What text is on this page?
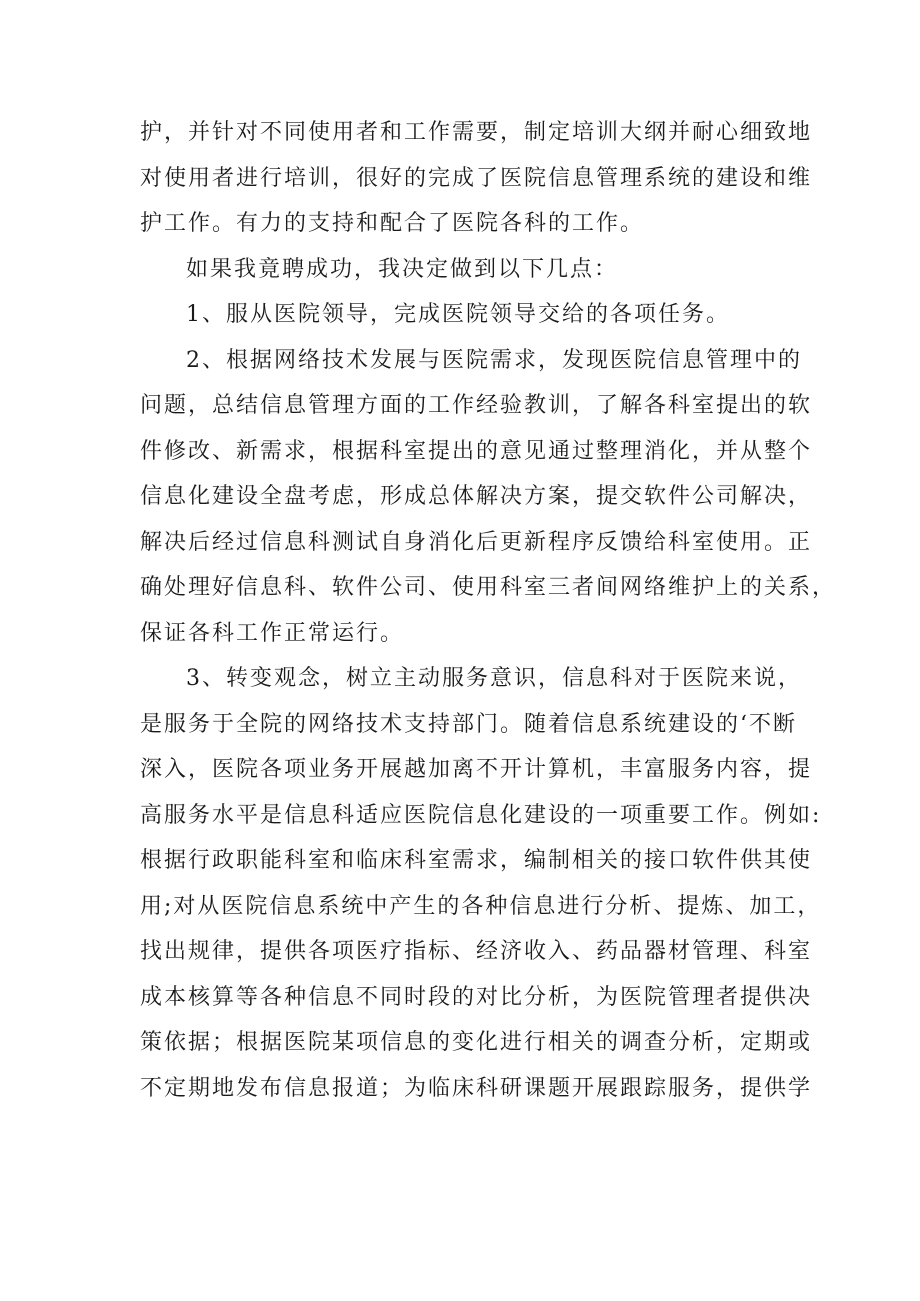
护，并针对不同使用者和工作需要，制定培训大纲并耐心细致地
对使用者进行培训，很好的完成了医院信息管理系统的建设和维
护工作。有力的支持和配合了医院各科的工作。
如果我竟聘成功，我决定做到以下几点：
1、服从医院领导，完成医院领导交给的各项任务。
2、根据网络技术发展与医院需求，发现医院信息管理中的
问题，总结信息管理方面的工作经验教训，了解各科室提出的软
件修改、新需求，根据科室提出的意见通过整理消化，并从整个
信息化建设全盘考虑，形成总体解决方案，提交软件公司解决，
解决后经过信息科测试自身消化后更新程序反馈给科室使用。正
确处理好信息科、软件公司、使用科室三者间网络维护上的关系，
保证各科工作正常运行。
3、转变观念，树立主动服务意识，信息科对于医院来说，
是服务于全院的网络技术支持部门。随着信息系统建设的‘不断
深入，医院各项业务开展越加离不开计算机，丰富服务内容，提
高服务水平是信息科适应医院信息化建设的一项重要工作。例如:
根据行政职能科室和临床科室需求，编制相关的接口软件供其使
用;对从医院信息系统中产生的各种信息进行分析、提炼、加工，
找出规律，提供各项医疗指标、经济收入、药品器材管理、科室
成本核算等各种信息不同时段的对比分析，为医院管理者提供决
策依据；根据医院某项信息的变化进行相关的调查分析，定期或
不定期地发布信息报道；为临床科研课题开展跟踪服务，提供学
